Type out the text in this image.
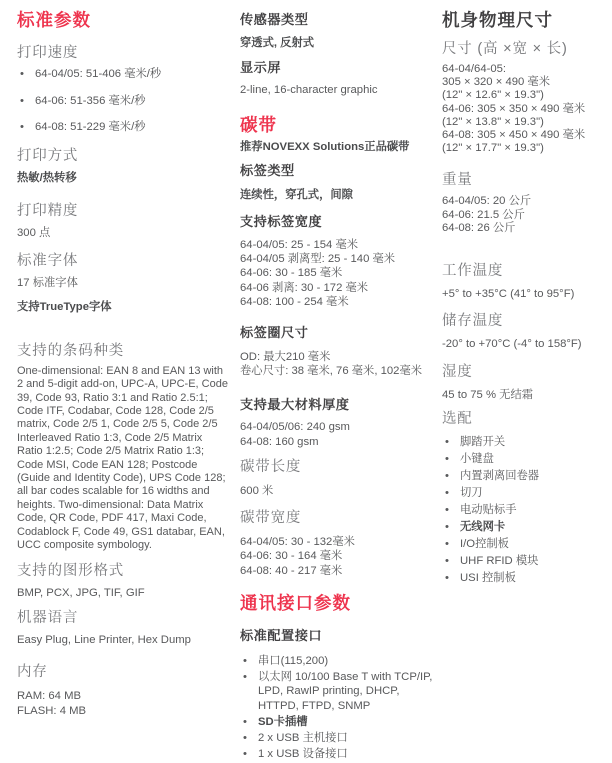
标准参数
打印速度
• 64-04/05: 51-406 毫米/秒
• 64-06: 51-356 毫米/秒
• 64-08: 51-229 毫米/秒
打印方式

热敏/热转移

打印精度

300 点

标准字体

17 标准字体

支持TrueType字体

支持的条码种类

One-dimensional: EAN 8 and EAN 13 with 2 and 5-digit add-on, UPC-A, UPC-E, Code 39, Code 93, Ratio 3:1 and Ratio 2.5:1; Code ITF, Codabar, Code 128, Code 2/5 matrix, Code 2/5 1, Code 2/5 5, Code 2/5 Interleaved Ratio 1:3, Code 2/5 Matrix Ratio 1:2.5; Code 2/5 Matrix Ratio 1:3; Code MSI, Code EAN 128; Postcode (Guide and Identity Code), UPS Code 128; all bar codes scalable for 16 widths and heights. Two-dimensional: Data Matrix Code, QR Code, PDF 417, Maxi Code, Codablock F, Code 49, GS1 databar, EAN, UCC composite symbology.

支持的图形格式

BMP, PCX, JPG, TIF, GIF

机器语言

Easy Plug, Line Printer, Hex Dump

内存

RAM: 64 MB

FLASH: 4 MB

传感器类型

穿透式, 反射式

显示屏

2-line, 16-character graphic

碳带

推荐NOVEXX Solutions正品碳带

标签类型

连续性，穿孔式，间隙

支持标签宽度

64-04/05: 25 - 154 毫米

64-04/05 剥离型: 25 - 140 毫米

64-06: 30 - 185 毫米

64-06 剥离: 30 - 172 毫米

64-08: 100 - 254 毫米

标签圈尺寸

OD: 最大210 毫米

卷心尺寸: 38 毫米, 76 毫米, 102毫米

支持最大材料厚度

64-04/05/06: 240 gsm

64-08: 160 gsm

碳带长度

600 米

碳带宽度

64-04/05: 30 - 132毫米

64-06: 30 - 164 毫米

64-08: 40 - 217 毫米

通讯接口参数
标准配置接口
• 串口(115,200)
• 以太网 10/100 Base T with TCP/IP, LPD, RawIP printing, DHCP, HTTPD, FTPD, SNMP
• SD卡插槽
• 2 x USB 主机接口
• 1 x USB 设备接口
机身物理尺寸
尺寸 (高 ×宽 × 长)

64-04/64-05:

305 × 320 × 490 毫米

(12" × 12.6" × 19.3")

64-06: 305 × 350 × 490 毫米

(12" × 13.8" × 19.3")

64-08: 305 × 450 × 490 毫米

(12" × 17.7" × 19.3")

重量

64-04/05: 20 公斤

64-06: 21.5 公斤

64-08: 26 公斤

工作温度

+5° to +35°C (41° to 95°F)

储存温度

-20° to +70°C (-4° to 158°F)

湿度

45 to 75 % 无结霜

选配
• 脚踏开关
• 小键盘
• 内置剥离回卷器
• 切刀
• 电动贴标手
• 无线网卡
• I/O控制板
• UHF RFID 模块
• USI 控制板
